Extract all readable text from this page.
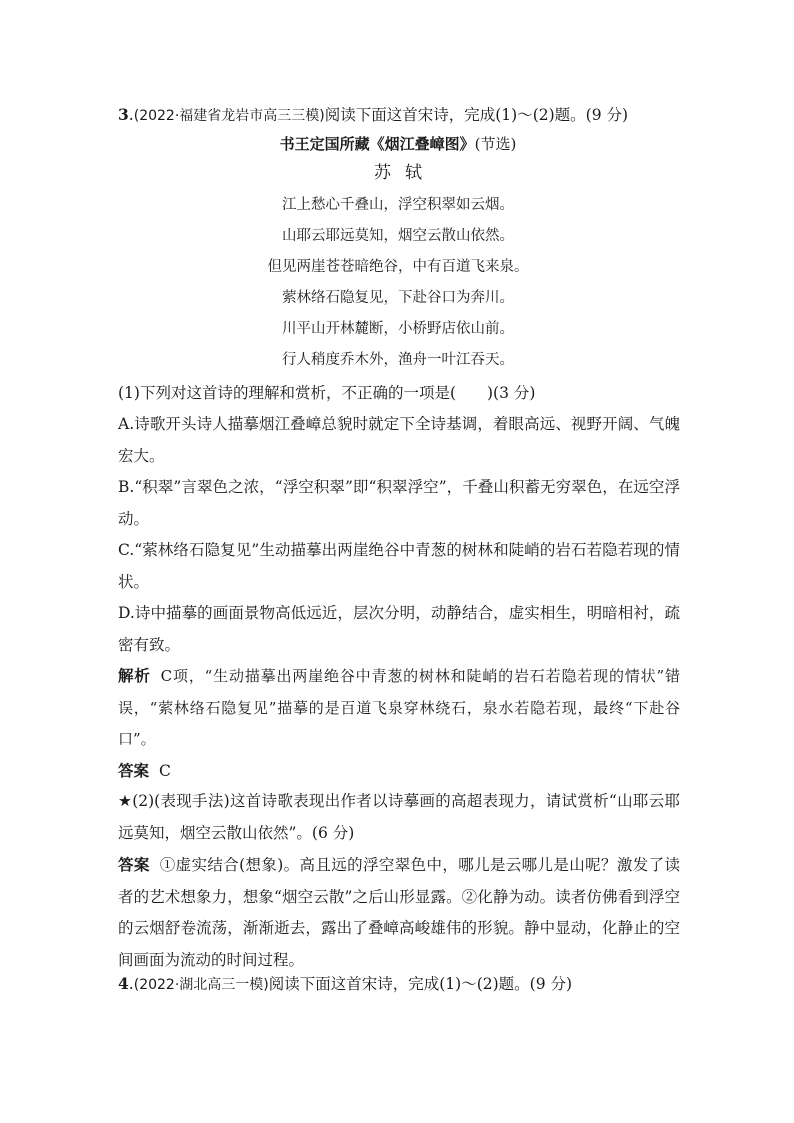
3.(2022·福建省龙岩市高三三模)阅读下面这首宋诗，完成(1)～(2)题。(9 分)
书王定国所藏《烟江叠嶂图》(节选)
苏轼
江上愁心千叠山，浮空积翠如云烟。
山耶云耶远莫知，烟空云散山依然。
但见两崖苍苍暗绝谷，中有百道飞来泉。
萦林络石隐复见，下赴谷口为奔川。
川平山开林麓断，小桥野店依山前。
行人稍度乔木外，渔舟一叶江吞天。
(1)下列对这首诗的理解和赏析，不正确的一项是(　　)(3 分)
A.诗歌开头诗人描摹烟江叠嶂总貌时就定下全诗基调，着眼高远、视野开阔、气魄宏大。
B.“积翠”言翠色之浓，“浮空积翠”即“积翠浮空”，千叠山积蓄无穷翠色，在远空浮动。
C.“萦林络石隐复见”生动描摹出两崖绝谷中青葱的树林和陡峭的岩石若隐若现的情状。
D.诗中描摹的画面景物高低远近，层次分明，动静结合，虚实相生，明暗相衬，疏密有致。
解析 C项，“生动描摹出两崖绝谷中青葱的树林和陡峭的岩石若隐若现的情状”错误，“萦林络石隐复见”描摹的是百道飞泉穿林绕石，泉水若隐若现，最终“下赴谷口”。
答案 C
★(2)(表现手法)这首诗歌表现出作者以诗摹画的高超表现力，请试赏析“山耶云耶远莫知，烟空云散山依然”。(6 分)
答案 ①虚实结合(想象)。高且远的浮空翠色中，哪儿是云哪儿是山呢？激发了读者的艺术想象力，想象“烟空云散”之后山形显露。②化静为动。读者仿佛看到浮空的云烟舒卷流荡，渐渐逝去，露出了叠嶂高峻雄伟的形貌。静中显动，化静止的空间画面为流动的时间过程。
4.(2022·湖北高三一模)阅读下面这首宋诗，完成(1)～(2)题。(9 分)
